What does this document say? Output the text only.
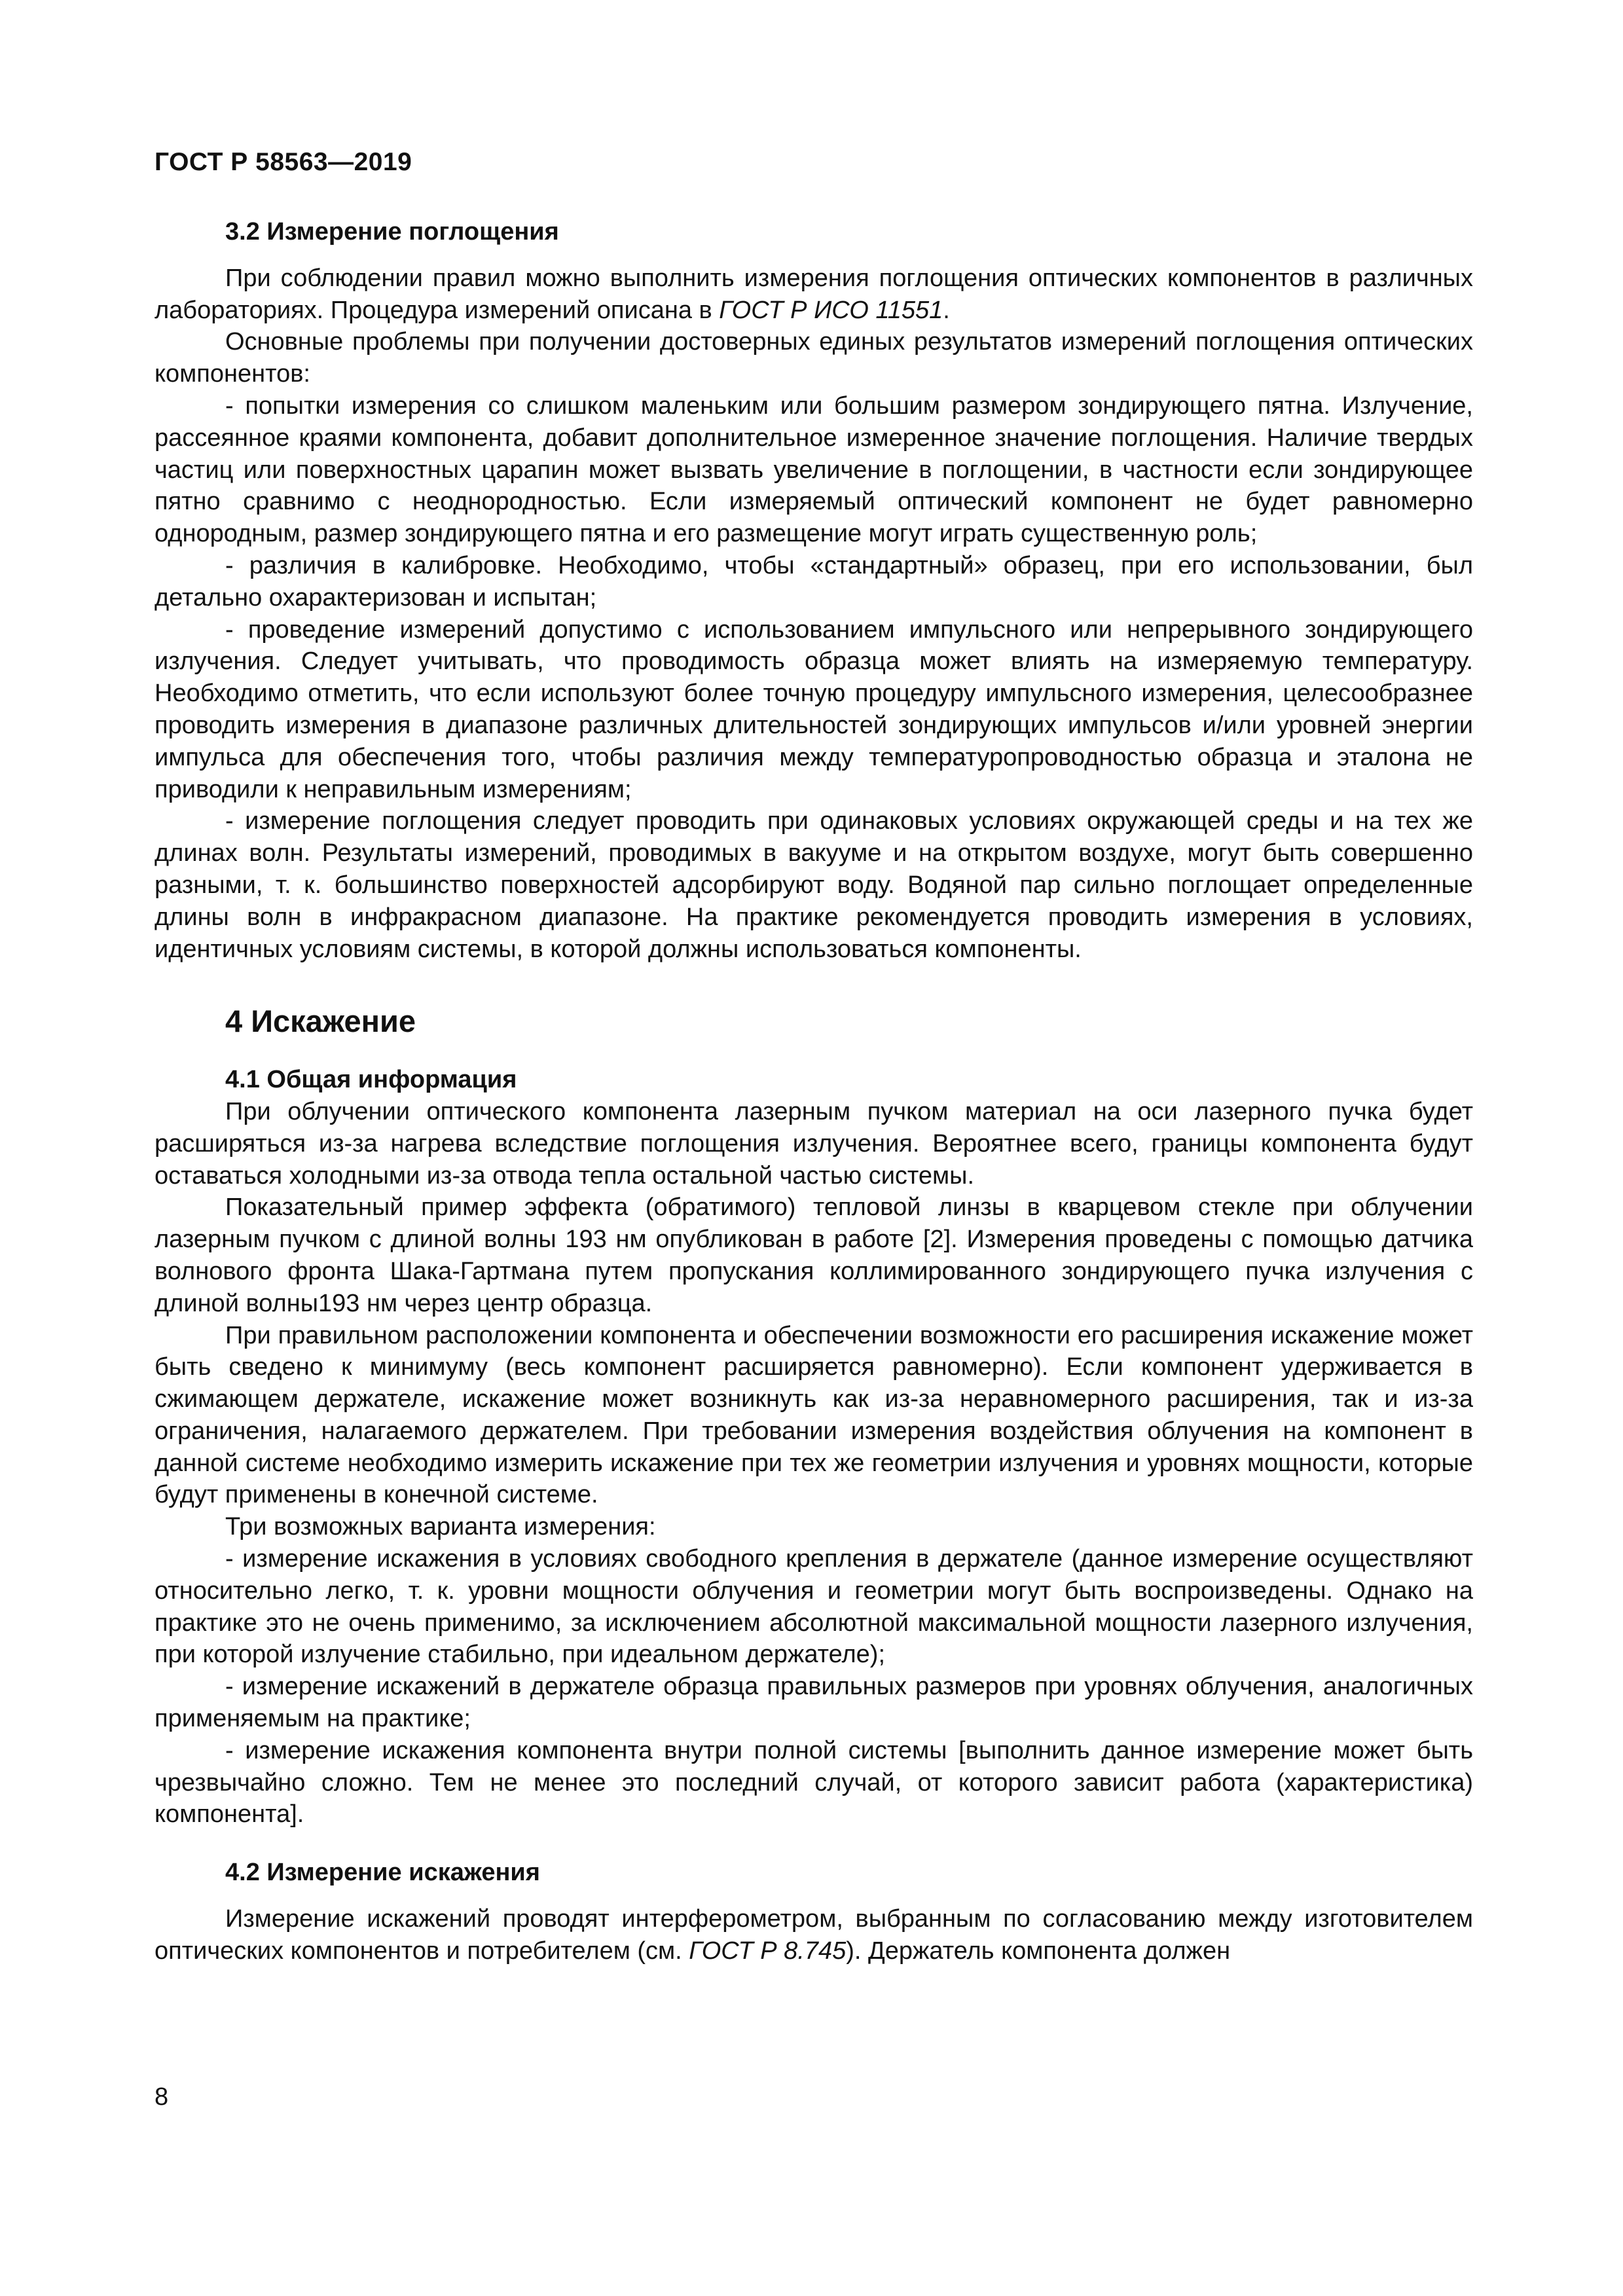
ГОСТ Р 58563—2019
3.2 Измерение поглощения

При соблюдении правил можно выполнить измерения поглощения оптических компонентов в различных лабораториях. Процедура измерений описана в ГОСТ Р ИСО 11551.

Основные проблемы при получении достоверных единых результатов измерений поглощения оптических компонентов:

- попытки измерения со слишком маленьким или большим размером зондирующего пятна. Излучение, рассеянное краями компонента, добавит дополнительное измеренное значение поглощения. Наличие твердых частиц или поверхностных царапин может вызвать увеличение в поглощении, в частности если зондирующее пятно сравнимо с неоднородностью. Если измеряемый оптический компонент не будет равномерно однородным, размер зондирующего пятна и его размещение могут играть существенную роль;

- различия в калибровке. Необходимо, чтобы «стандартный» образец, при его использовании, был детально охарактеризован и испытан;

- проведение измерений допустимо с использованием импульсного или непрерывного зондирующего излучения. Следует учитывать, что проводимость образца может влиять на измеряемую температуру. Необходимо отметить, что если используют более точную процедуру импульсного измерения, целесообразнее проводить измерения в диапазоне различных длительностей зондирующих импульсов и/или уровней энергии импульса для обеспечения того, чтобы различия между температуропроводностью образца и эталона не приводили к неправильным измерениям;

- измерение поглощения следует проводить при одинаковых условиях окружающей среды и на тех же длинах волн. Результаты измерений, проводимых в вакууме и на открытом воздухе, могут быть совершенно разными, т. к. большинство поверхностей адсорбируют воду. Водяной пар сильно поглощает определенные длины волн в инфракрасном диапазоне. На практике рекомендуется проводить измерения в условиях, идентичных условиям системы, в которой должны использоваться компоненты.

4 Искажение
4.1 Общая информация

При облучении оптического компонента лазерным пучком материал на оси лазерного пучка будет расширяться из-за нагрева вследствие поглощения излучения. Вероятнее всего, границы компонента будут оставаться холодными из-за отвода тепла остальной частью системы.

Показательный пример эффекта (обратимого) тепловой линзы в кварцевом стекле при облучении лазерным пучком с длиной волны 193 нм опубликован в работе [2]. Измерения проведены с помощью датчика волнового фронта Шака-Гартмана путем пропускания коллимированного зондирующего пучка излучения с длиной волны193 нм через центр образца.

При правильном расположении компонента и обеспечении возможности его расширения искажение может быть сведено к минимуму (весь компонент расширяется равномерно). Если компонент удерживается в сжимающем держателе, искажение может возникнуть как из-за неравномерного расширения, так и из-за ограничения, налагаемого держателем. При требовании измерения воздействия облучения на компонент в данной системе необходимо измерить искажение при тех же геометрии излучения и уровнях мощности, которые будут применены в конечной системе.

Три возможных варианта измерения:

- измерение искажения в условиях свободного крепления в держателе (данное измерение осуществляют относительно легко, т. к. уровни мощности облучения и геометрии могут быть воспроизведены. Однако на практике это не очень применимо, за исключением абсолютной максимальной мощности лазерного излучения, при которой излучение стабильно, при идеальном держателе);

- измерение искажений в держателе образца правильных размеров при уровнях облучения, аналогичных применяемым на практике;

- измерение искажения компонента внутри полной системы [выполнить данное измерение может быть чрезвычайно сложно. Тем не менее это последний случай, от которого зависит работа (характеристика) компонента].

4.2 Измерение искажения

Измерение искажений проводят интерферометром, выбранным по согласованию между изготовителем оптических компонентов и потребителем (см. ГОСТ Р 8.745). Держатель компонента должен

8
